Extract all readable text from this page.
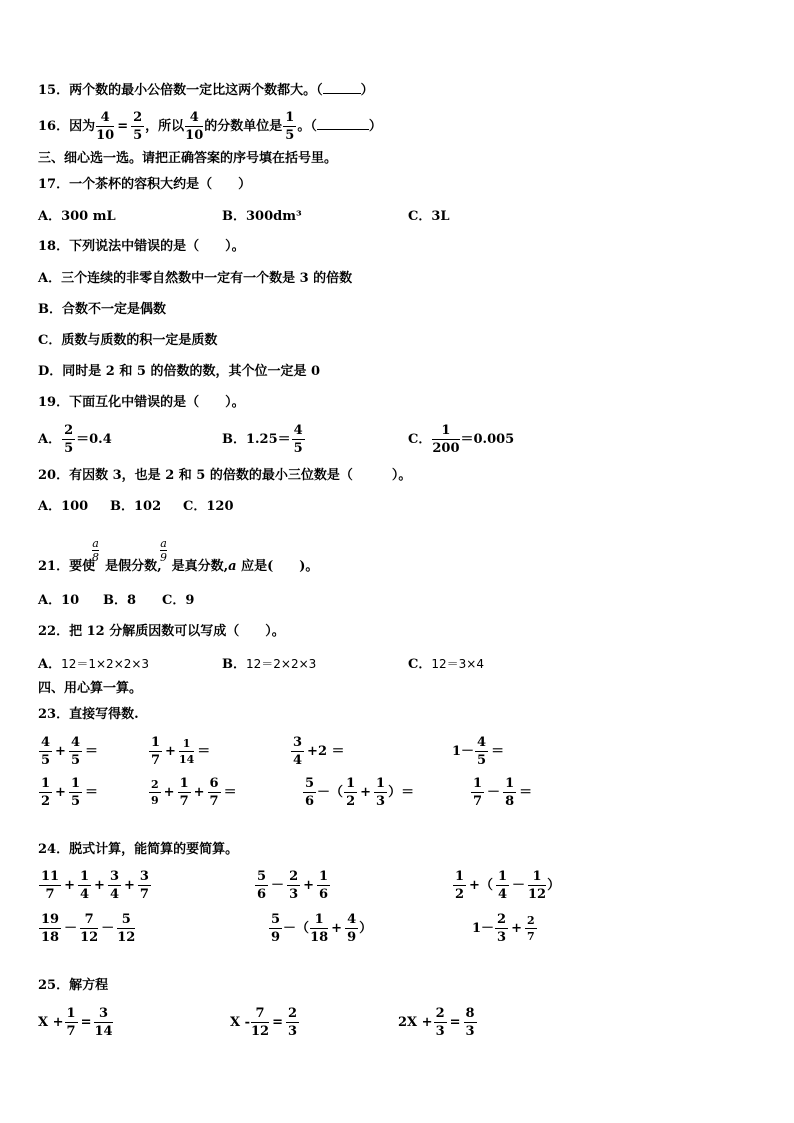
15．两个数的最小公倍数一定比这两个数都大。（	）
16．因为 $\frac{4}{10} = \frac{2}{5}$ ，所以 $\frac{4}{10}$ 的分数单位是 $\frac{1}{5}$ 。（	）
三、细心选一选。请把正确答案的序号填在括号里。
17．一个茶杯的容积大约是（　　）
A．300 mL	B．300dm³	C．3L
18．下列说法中错误的是（　　）。
A．三个连续的非零自然数中一定有一个数是 3 的倍数
B．合数不一定是偶数
C．质数与质数的积一定是质数
D．同时是 2 和 5 的倍数的数，其个位一定是 0
19．下面互化中错误的是（　　）。
A． $\frac{2}{5} =0.4$	B．$1.25= \frac{4}{5}$	C． $\frac{1}{200} =0.005$
20．有因数 3，也是 2 和 5 的倍数的最小三位数是（　　　）。
A．100 B．102 C．120
$\frac{a}{8}$	$\frac{a}{9}$
21．要使 是假分数, 是真分数,a 应是(　　)。
A．10 B．8 C．9
22．把 12 分解质因数可以写成（　　）。
A．12＝1×2×2×3	B．12＝2×2×3	C．12＝3×4
四、用心算一算。
23．直接写得数.
$\frac{4}{5} + \frac{4}{5}$ ＝	$\frac{1}{7} + \frac{1}{14}$ ＝	$\frac{3}{4} +2$ ＝	$1- \frac{4}{5}$ ＝
$\frac{1}{2} + \frac{1}{5}$ ＝	$\frac{2}{9} + \frac{1}{7} + \frac{6}{7}$ ＝	$\frac{5}{6}$ －（ $\frac{1}{2} + \frac{1}{3}$ ）＝	$\frac{1}{7} - \frac{1}{8}$ ＝
24．脱式计算，能简算的要简算。
$\frac{11}{7} + \frac{1}{4} + \frac{3}{4} + \frac{3}{7}$	$\frac{5}{6} - \frac{2}{3} + \frac{1}{6}$	$\frac{1}{2}$ +（ $\frac{1}{4} - \frac{1}{12}$ ）
$\frac{19}{18} - \frac{7}{12} - \frac{5}{12}$	$\frac{5}{9}$ －（ $\frac{1}{18} + \frac{4}{9}$ ）	$1- \frac{2}{3} + \frac{2}{7}$
25．解方程
$X + \frac{1}{7} = \frac{3}{14}$	$X - \frac{7}{12} = \frac{2}{3}$	$2X + \frac{2}{3} = \frac{8}{3}$
